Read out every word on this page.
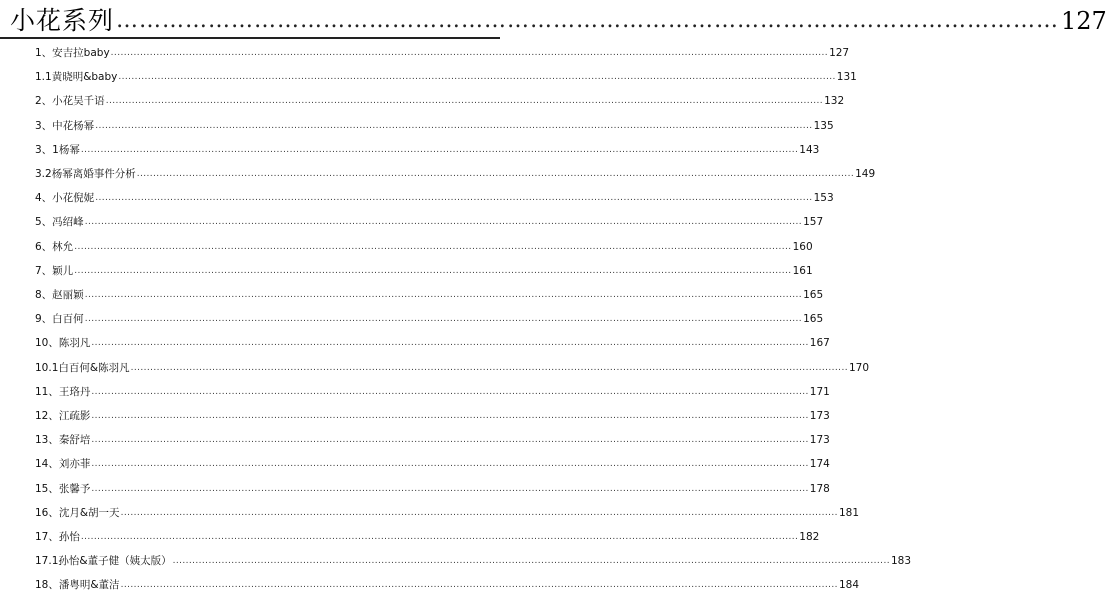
小花系列 …………………………………………………………………………………………………………… 127
1、安吉拉baby ............................................................................................................................................................................................................................ 127
1.1黄晓明&baby ............................................................................................................................................................................................................................ 131
2、小花吴千语 ............................................................................................................................................................................................................................ 132
3、中花杨幂 ............................................................................................................................................................................................................................ 135
3、1杨幂 ............................................................................................................................................................................................................................ 143
3.2杨幂离婚事件分析 ............................................................................................................................................................................................................................ 149
4、小花倪妮 ............................................................................................................................................................................................................................ 153
5、冯绍峰 ............................................................................................................................................................................................................................ 157
6、林允 ............................................................................................................................................................................................................................ 160
7、颖儿 ............................................................................................................................................................................................................................ 161
8、赵丽颖 ............................................................................................................................................................................................................................ 165
9、白百何 ............................................................................................................................................................................................................................ 165
10、陈羽凡 ............................................................................................................................................................................................................................ 167
10.1白百何&陈羽凡 ............................................................................................................................................................................................................................ 170
11、王珞丹 ............................................................................................................................................................................................................................ 171
12、江疏影 ............................................................................................................................................................................................................................ 173
13、秦舒培 ............................................................................................................................................................................................................................ 173
14、刘亦菲 ............................................................................................................................................................................................................................ 174
15、张馨予 ............................................................................................................................................................................................................................ 178
16、沈月&胡一天 ............................................................................................................................................................................................................................ 181
17、孙怡 ............................................................................................................................................................................................................................ 182
17.1孙怡&董子健（姨太版） ............................................................................................................................................................................................................................ 183
18、潘粤明&董洁 ............................................................................................................................................................................................................................ 184
